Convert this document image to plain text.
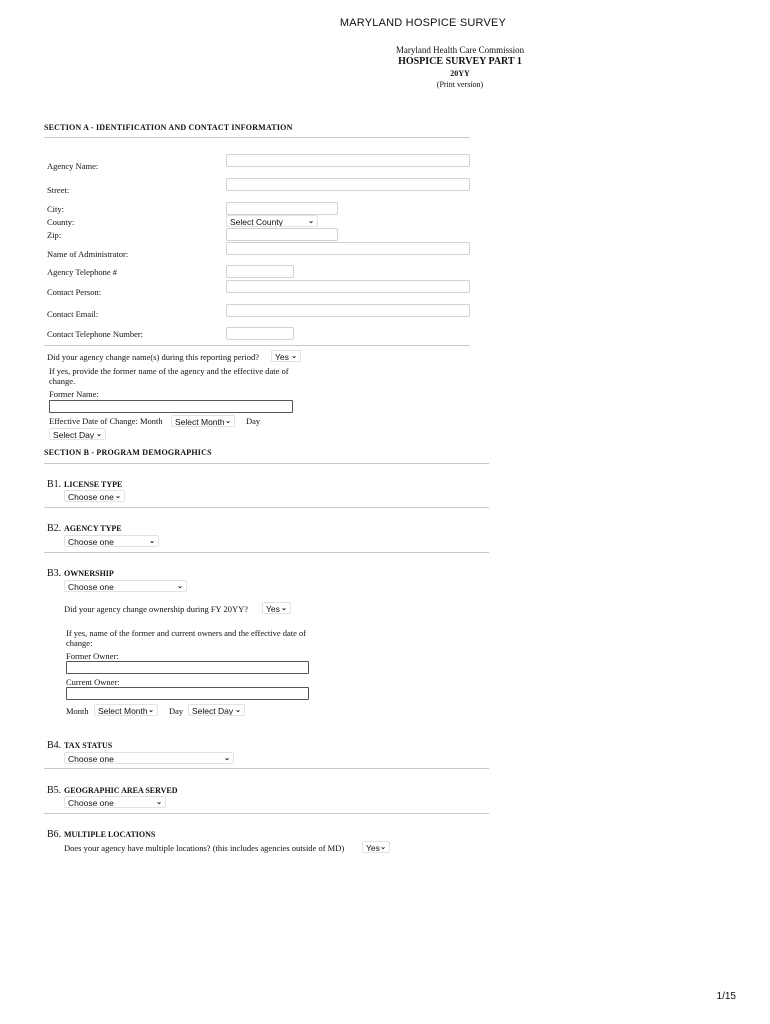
MARYLAND HOSPICE SURVEY
Maryland Health Care Commission
HOSPICE SURVEY PART 1
20YY
(Print version)
SECTION A - IDENTIFICATION AND CONTACT INFORMATION
Agency Name:
Street:
City:
County:	Select County	⌄
Zip:
Name of Administrator:
Agency Telephone #
Contact Person:
Contact Email:
Contact Telephone Number:
Did your agency change name(s) during this reporting period?	Yes ⌄
If yes, provide the former name of the agency and the effective date of
change.
Former Name:
Effective Date of Change: Month	Select Month ⌄ Day
Select Day ⌄
SECTION B - PROGRAM DEMOGRAPHICS
B1. LICENSE TYPE
Choose one ⌄
B2. AGENCY TYPE
Choose one	⌄
B3. OWNERSHIP
Choose one	⌄
Did your agency change ownership during FY 20YY?	Yes ⌄
If yes, name of the former and current owners and the effective date of
change:
Former Owner:
Current Owner:
Month	Select Month ⌄ Day	Select Day ⌄
B4. TAX STATUS
Choose one	⌄
B5. GEOGRAPHIC AREA SERVED
Choose one	⌄
B6. MULTIPLE LOCATIONS
Does your agency have multiple locations? (this includes agencies outside of MD)	Yes ⌄
1/15
